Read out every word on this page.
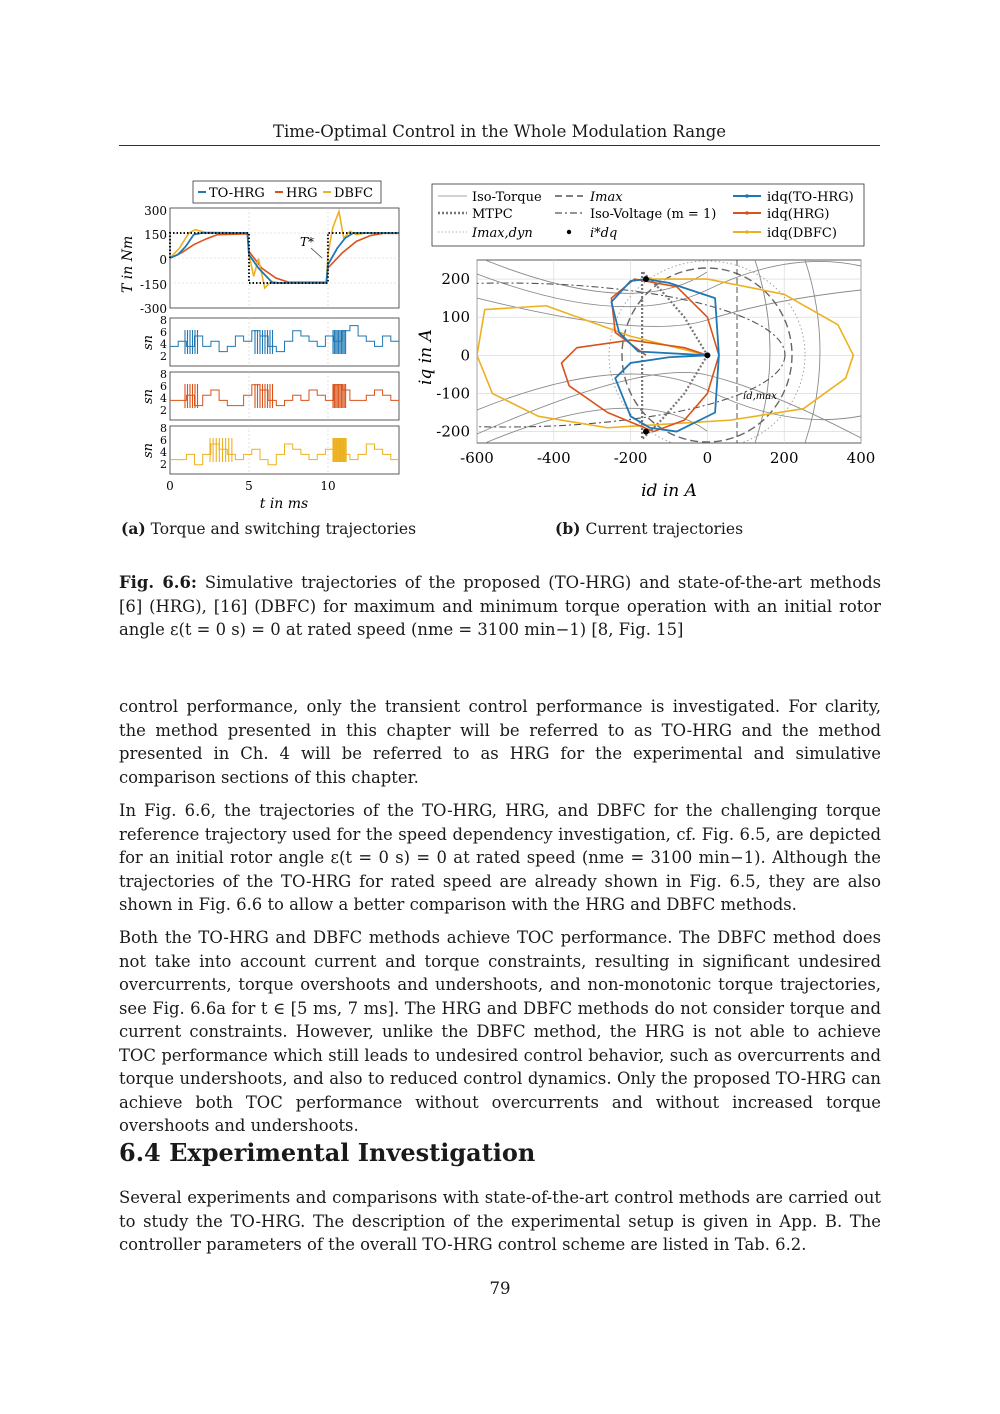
Time-Optimal Control in the Whole Modulation Range
TO-HRG HRG DBFC
300
150
0
-150
-300
T in Nm	T*
8
6
4
2
sn
8
6
4
2
sn
8
6
4
2
sn
0	5	10
t in ms
Iso-Torque
MTPC
Imax,dyn
Imax
Iso-Voltage (m = 1)
i*dq
idq(TO-HRG)
idq(HRG)
idq(DBFC)
id,max
-600	-400	-200	0	200	400
200
100
0
-100
-200
iq in A
id in A
(a) Torque and switching trajectories	(b) Current trajectories
Fig. 6.6: Simulative trajectories of the proposed (TO-HRG) and state-of-the-art methods [6] (HRG), [16] (DBFC) for maximum and minimum torque operation with an initial rotor angle ε(t = 0 s) = 0 at rated speed (nme = 3100 min−1) [8, Fig. 15]
control performance, only the transient control performance is investigated. For clarity, the method presented in this chapter will be referred to as TO-HRG and the method presented in Ch. 4 will be referred to as HRG for the experimental and simulative comparison sections of this chapter.
In Fig. 6.6, the trajectories of the TO-HRG, HRG, and DBFC for the challenging torque reference trajectory used for the speed dependency investigation, cf. Fig. 6.5, are depicted for an initial rotor angle ε(t = 0 s) = 0 at rated speed (nme = 3100 min−1). Although the trajectories of the TO-HRG for rated speed are already shown in Fig. 6.5, they are also shown in Fig. 6.6 to allow a better comparison with the HRG and DBFC methods.
Both the TO-HRG and DBFC methods achieve TOC performance. The DBFC method does not take into account current and torque constraints, resulting in significant undesired overcurrents, torque overshoots and undershoots, and non-monotonic torque trajectories, see Fig. 6.6a for t ∈ [5 ms, 7 ms]. The HRG and DBFC methods do not consider torque and current constraints. However, unlike the DBFC method, the HRG is not able to achieve TOC performance which still leads to undesired control behavior, such as overcurrents and torque undershoots, and also to reduced control dynamics. Only the proposed TO-HRG can achieve both TOC performance without overcurrents and without increased torque overshoots and undershoots.
6.4 Experimental Investigation
Several experiments and comparisons with state-of-the-art control methods are carried out to study the TO-HRG. The description of the experimental setup is given in App. B. The controller parameters of the overall TO-HRG control scheme are listed in Tab. 6.2.
79
